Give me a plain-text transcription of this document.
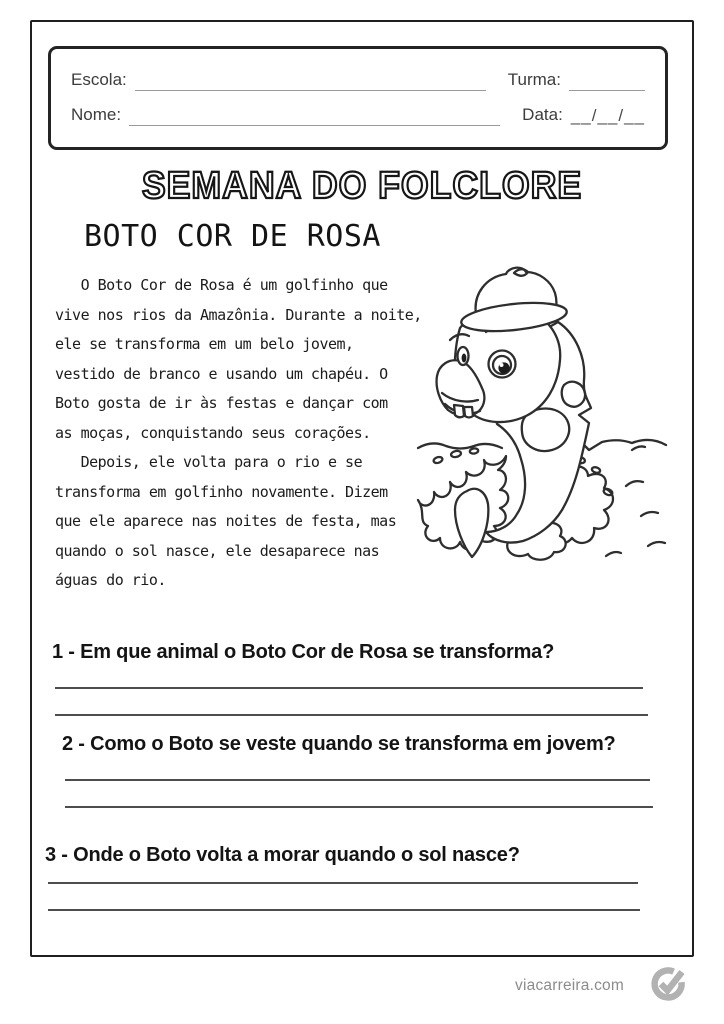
Escola:	Turma:
Nome:	Data: __/__/__
SEMANA DO FOLCLORE
BOTO COR DE ROSA
O Boto Cor de Rosa é um golfinho que
vive nos rios da Amazônia. Durante a noite,
ele se transforma em um belo jovem,
vestido de branco e usando um chapéu. O
Boto gosta de ir às festas e dançar com
as moças, conquistando seus corações.
Depois, ele volta para o rio e se
transforma em golfinho novamente. Dizem
que ele aparece nas noites de festa, mas
quando o sol nasce, ele desaparece nas
águas do rio.
1 - Em que animal o Boto Cor de Rosa se transforma?
2 - Como o Boto se veste quando se transforma em jovem?
3 - Onde o Boto volta a morar quando o sol nasce?
viacarreira.com
